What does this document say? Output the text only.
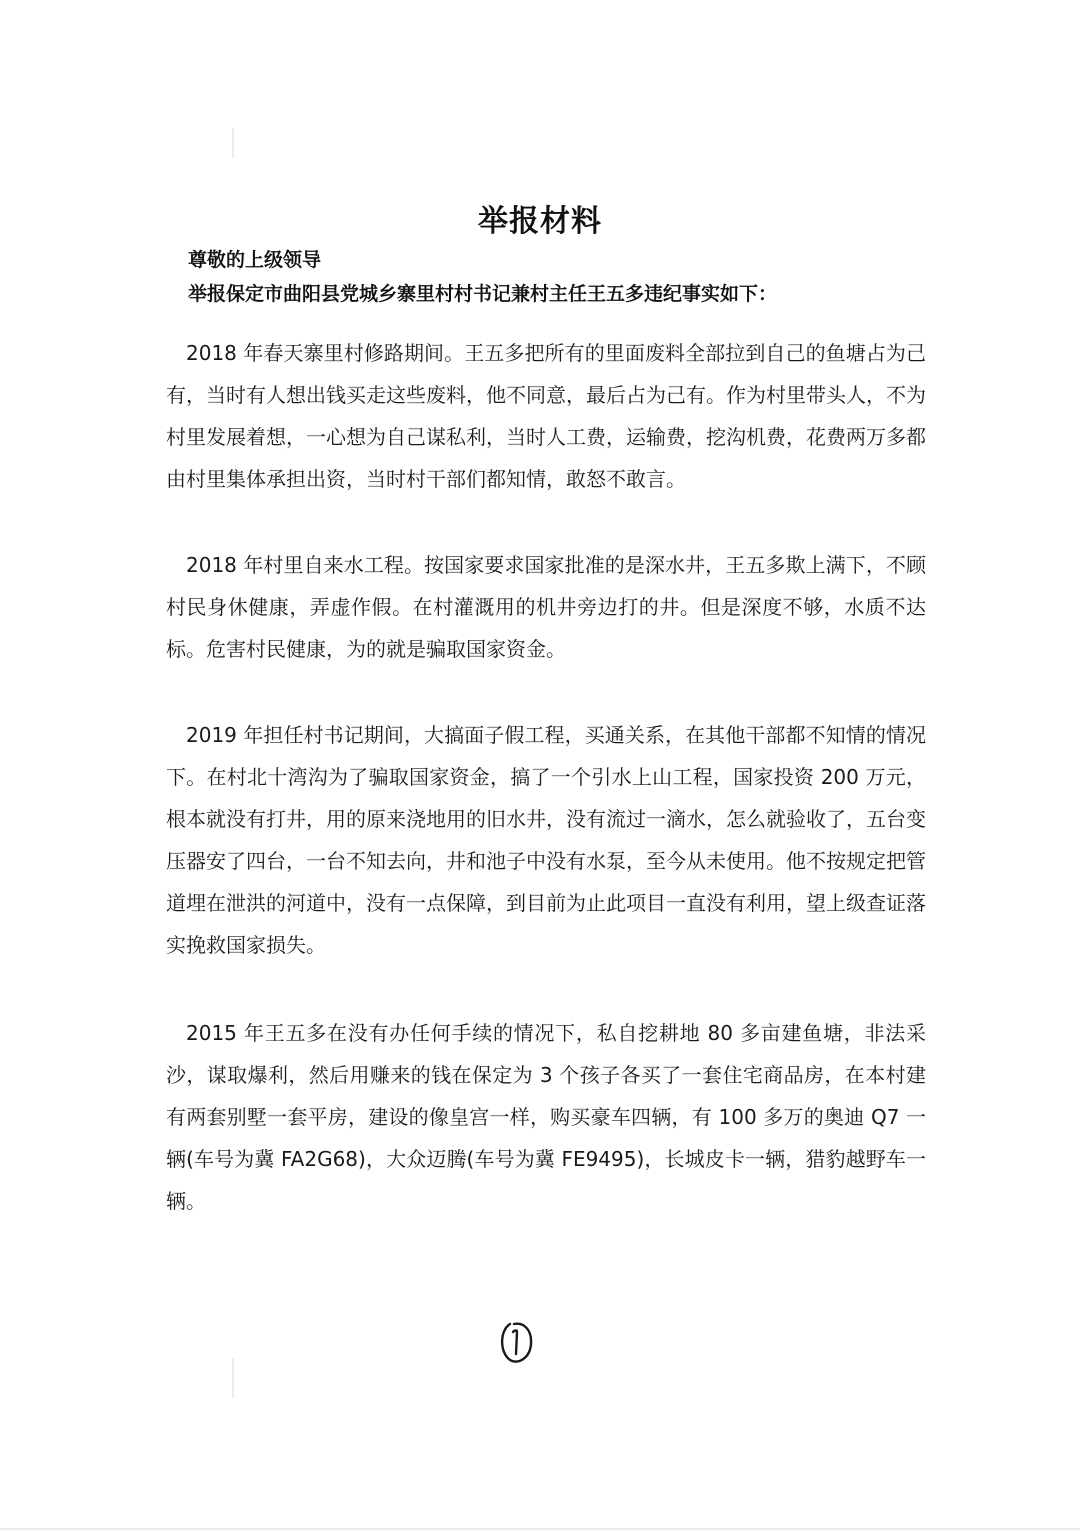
举报材料
尊敬的上级领导
举报保定市曲阳县党城乡寨里村村书记兼村主任王五多违纪事实如下：

2018 年春天寨里村修路期间。王五多把所有的里面废料全部拉到自己的鱼塘占为己有，当时有人想出钱买走这些废料，他不同意，最后占为己有。作为村里带头人，不为村里发展着想，一心想为自己谋私利，当时人工费，运输费，挖沟机费，花费两万多都由村里集体承担出资，当时村干部们都知情，敢怒不敢言。

2018 年村里自来水工程。按国家要求国家批准的是深水井，王五多欺上满下，不顾村民身休健康，弄虚作假。在村灌溉用的机井旁边打的井。但是深度不够，水质不达标。危害村民健康，为的就是骗取国家资金。

2019 年担任村书记期间，大搞面子假工程，买通关系，在其他干部都不知情的情况下。在村北十湾沟为了骗取国家资金，搞了一个引水上山工程，国家投资 200 万元，根本就没有打井，用的原来浇地用的旧水井，没有流过一滴水，怎么就验收了，五台变压器安了四台，一台不知去向，井和池子中没有水泵，至今从未使用。他不按规定把管道埋在泄洪的河道中，没有一点保障，到目前为止此项目一直没有利用，望上级查证落实挽救国家损失。

2015 年王五多在没有办任何手续的情况下，私自挖耕地 80 多亩建鱼塘，非法采沙，谋取爆利，然后用赚来的钱在保定为 3 个孩子各买了一套住宅商品房，在本村建有两套别墅一套平房，建设的像皇宫一样，购买豪车四辆，有 100 多万的奥迪 Q7 一辆(车号为冀 FA2G68)，大众迈腾(车号为冀 FE9495)，长城皮卡一辆，猎豹越野车一辆。
